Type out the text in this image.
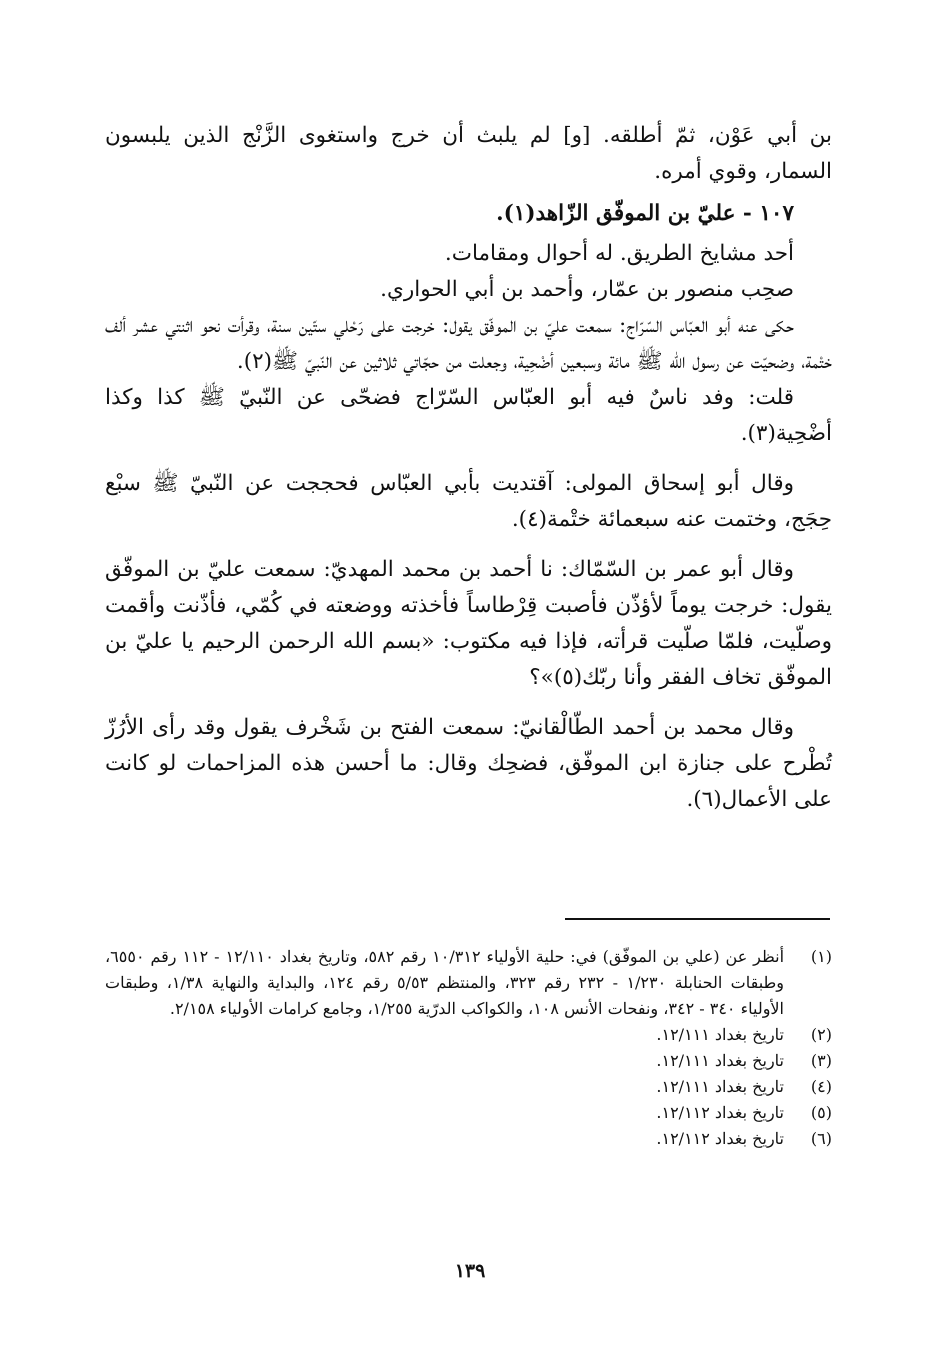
بن أبي عَوْن، ثمّ أطلقه. [و] لم يلبث أن خرج واستغوى الزَّنْج الذين يلبسون السمار، وقوي أمره.

١٠٧ - عليّ بن الموفّق الزّاهد(١).

أحد مشايخ الطريق. له أحوال ومقامات.

صحِب منصور بن عمّار، وأحمد بن أبي الحواري.

حكى عنه أبو العبّاس السّرّاج: سمعت عليّ بن الموفّق يقول: خرجت على رَحْلي ستّين سنة، وقرأت نحو اثنتي عشر ألف ختْمة، وضحيّت عن رسول الله ﷺ مائة وسبعين أضْحِية، وجعلت من حجّاتي ثلاثين عن النّبيّ ﷺ(٢).

قلت: وفد ناسٌ فيه أبو العبّاس السّرّاج فضحّى عن النّبيّ ﷺ كذا وكذا أضْحِية(٣).

وقال أبو إسحاق المولى: آقتديت بأبي العبّاس فحججت عن النّبيّ ﷺ سبْع حِجَج، وختمت عنه سبعمائة ختْمة(٤).

وقال أبو عمر بن السّمّاك: نا أحمد بن محمد المهديّ: سمعت عليّ بن الموفّق يقول: خرجت يوماً لأؤذّن فأصبت قِرْطاساً فأخذته ووضعته في كُمّي، فأذّنت وأقمت وصلّيت، فلمّا صلّيت قرأته، فإذا فيه مكتوب: «بسم الله الرحمن الرحيم يا عليّ بن الموفّق تخاف الفقر وأنا ربّك(٥)»؟

وقال محمد بن أحمد الطّالْقانيّ: سمعت الفتح بن شَخْرف يقول وقد رأى الأرُزّ تُطْرح على جنازة ابن الموفّق، فضحِك وقال: ما أحسن هذه المزاحمات لو كانت على الأعمال(٦).

(١)
أنظر عن (علي بن الموفّق) في: حلية الأولياء ١٠/٣١٢ رقم ٥٨٢، وتاريخ بغداد ١٢/١١٠ - ١١٢ رقم ٦٥٥٠، وطبقات الحنابلة ١/٢٣٠ - ٢٣٢ رقم ٣٢٣، والمنتظم ٥/٥٣ رقم ١٢٤، والبداية والنهاية ١/٣٨، وطبقات الأولياء ٣٤٠ - ٣٤٢، ونفحات الأنس ١٠٨، والكواكب الدرّية ١/٢٥٥، وجامع كرامات الأولياء ٢/١٥٨.
(٢)
تاريخ بغداد ١٢/١١١.
(٣)
تاريخ بغداد ١٢/١١١.
(٤)
تاريخ بغداد ١٢/١١١.
(٥)
تاريخ بغداد ١٢/١١٢.
(٦)
تاريخ بغداد ١٢/١١٢.
١٣٩
